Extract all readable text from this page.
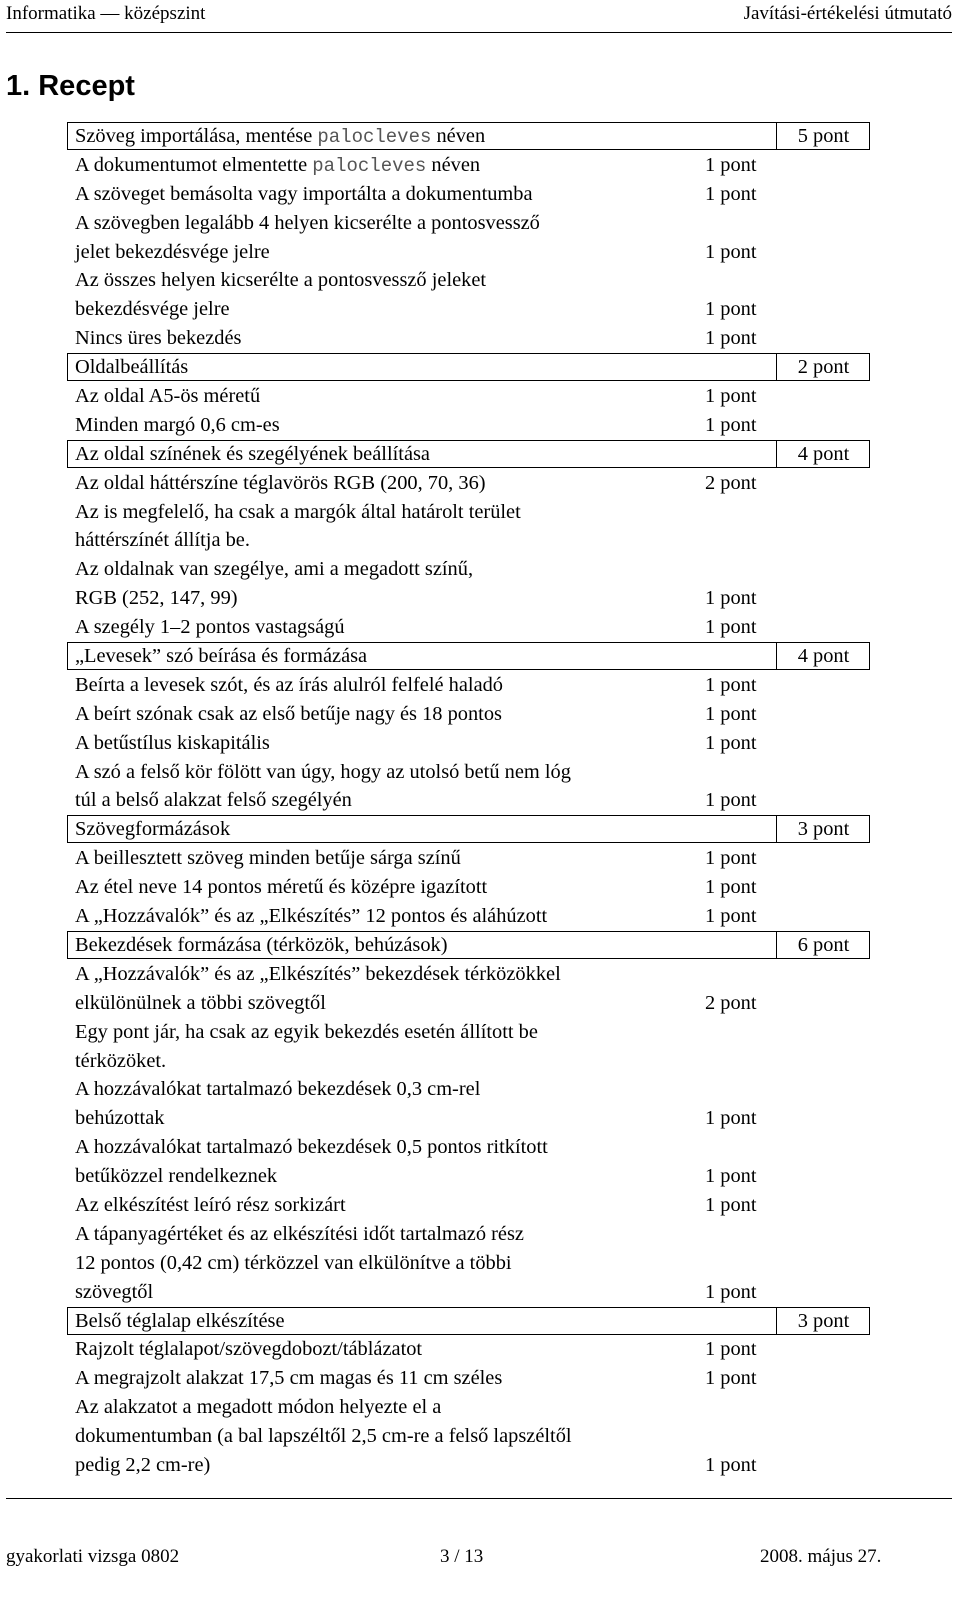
Informatika — középszint	Javítási-értékelési útmutató
1. Recept
Szöveg importálása, mentése palocleves néven	5 pont
A dokumentumot elmentette palocleves néven	1 pont
A szöveget bemásolta vagy importálta a dokumentumba	1 pont
A szövegben legalább 4 helyen kicserélte a pontosvessző
jelet bekezdésvége jelre	1 pont
Az összes helyen kicserélte a pontosvessző jeleket
bekezdésvége jelre	1 pont
Nincs üres bekezdés	1 pont
Oldalbeállítás	2 pont
Az oldal A5-ös méretű	1 pont
Minden margó 0,6 cm-es	1 pont
Az oldal színének és szegélyének beállítása	4 pont
Az oldal háttérszíne téglavörös RGB (200, 70, 36)	2 pont
Az is megfelelő, ha csak a margók által határolt terület
háttérszínét állítja be.
Az oldalnak van szegélye, ami a megadott színű,
RGB (252, 147, 99)	1 pont
A szegély 1–2 pontos vastagságú	1 pont
„Levesek” szó beírása és formázása	4 pont
Beírta a levesek szót, és az írás alulról felfelé haladó	1 pont
A beírt szónak csak az első betűje nagy és 18 pontos	1 pont
A betűstílus kiskapitális	1 pont
A szó a felső kör fölött van úgy, hogy az utolsó betű nem lóg
túl a belső alakzat felső szegélyén	1 pont
Szövegformázások	3 pont
A beillesztett szöveg minden betűje sárga színű	1 pont
Az étel neve 14 pontos méretű és középre igazított	1 pont
A „Hozzávalók” és az „Elkészítés” 12 pontos és aláhúzott	1 pont
Bekezdések formázása (térközök, behúzások)	6 pont
A „Hozzávalók” és az „Elkészítés” bekezdések térközökkel
elkülönülnek a többi szövegtől	2 pont
Egy pont jár, ha csak az egyik bekezdés esetén állított be
térközöket.
A hozzávalókat tartalmazó bekezdések 0,3 cm-rel
behúzottak	1 pont
A hozzávalókat tartalmazó bekezdések 0,5 pontos ritkított
betűközzel rendelkeznek	1 pont
Az elkészítést leíró rész sorkizárt	1 pont
A tápanyagértéket és az elkészítési időt tartalmazó rész
12 pontos (0,42 cm) térközzel van elkülönítve a többi
szövegtől	1 pont
Belső téglalap elkészítése	3 pont
Rajzolt téglalapot/szövegdobozt/táblázatot	1 pont
A megrajzolt alakzat 17,5 cm magas és 11 cm széles	1 pont
Az alakzatot a megadott módon helyezte el a
dokumentumban (a bal lapszéltől 2,5 cm-re a felső lapszéltől
pedig 2,2 cm-re)	1 pont
gyakorlati vizsga 0802	3 / 13	2008. május 27.
